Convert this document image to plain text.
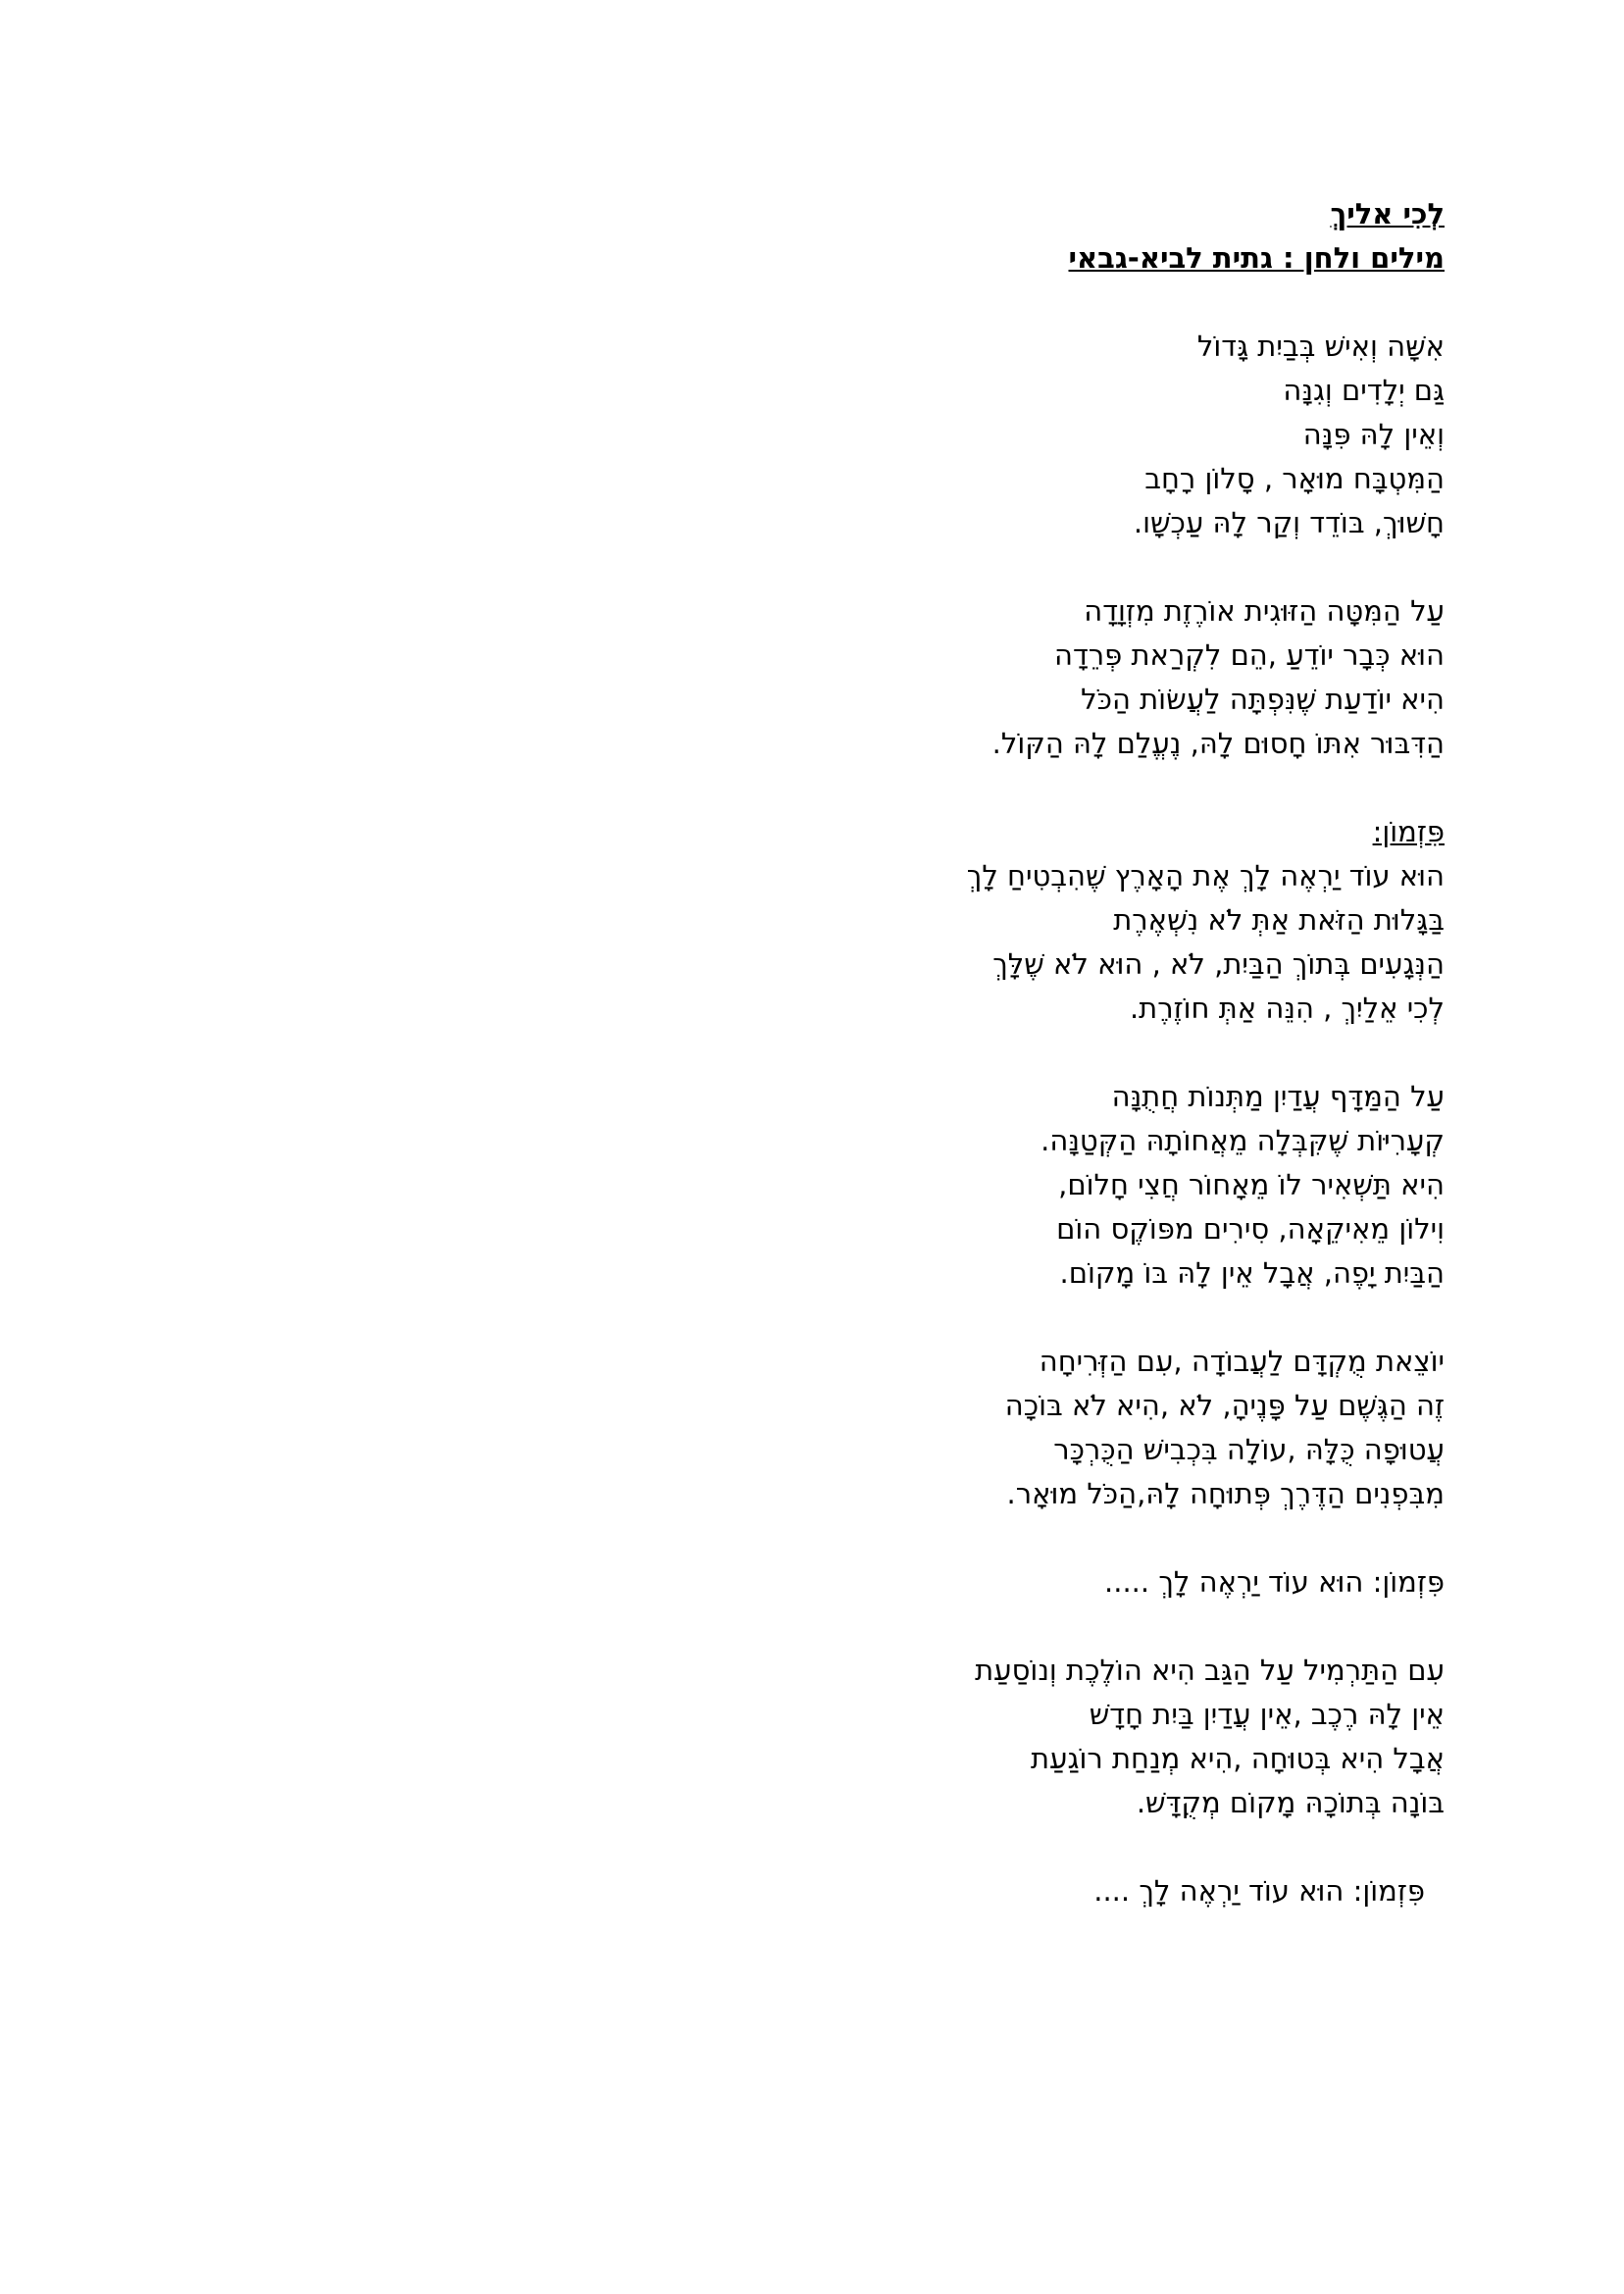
לְכִי אליךְ
מילים ולחן : גתית לביא-גבאי
אִשָּׁה וְאִישׁ בְּבַיִת גָּדוֹל
גַּם יְלָדִים וְגִנָּה
וְאֵין לָהּ פִּנָּה
הַמִּטְבָּח מוּאָר , סָלוֹן רָחָב
חָשׁוּךְ, בּוֹדֵד וְקַר לָהּ עַכְשָׁו.
עַל הַמִּטָּה הַזּוּגִית אוֹרֶזֶת מִזְוָדָה
הוּא כְּבָר יוֹדֵעַ ,הֵם לִקְרַאת פְּרֵדָה
הִיא יוֹדַעַת שֶׁנִּפְתָּה לַעֲשׂוֹת הַכֹּל
הַדִּבּוּר אִתּוֹ חָסוּם לָהּ, נֶעֱלַם לָהּ הַקּוֹל.
פִּזְמוֹן:
הוּא עוֹד יַרְאֶה לָךְ אֶת הָאָרֶץ שֶׁהִבְטִיחַ לָךְ
בַּגָּלוּת הַזֹּאת אַתְּ לֹא נִשְׁאֶרֶת
הַנְּגָעִים בְּתוֹךְ הַבַּיִת, לֹא , הוּא לֹא שֶׁלָּךְ
לְכִי אֵלַיִךְ , הִנֵּה אַתְּ חוֹזֶרֶת.
עַל הַמַּדָּף עֲדַיִן מַתְּנוֹת חֲתֻנָּה
קְעָרִיּוֹת שֶׁקִּבְּלָה מֵאֲחוֹתָהּ הַקְּטַנָּה.
הִיא תַּשְׁאִיר לוֹ מֵאָחוֹר חֲצִי חָלוֹם,
וִילוֹן מֵאִיקֵאָה, סִירִים מפּוֹקֶס הוֹם
הַבַּיִת יָפֶה, אֲבָל אֵין לָהּ בּוֹ מָקוֹם.
יוֹצֵאת מֻקְדָּם לַעֲבוֹדָה ,עִם הַזְּרִיחָה
זֶה הַגֶּשֶׁם עַל פָּנֶיהָ, לֹא ,הִיא לֹא בּוֹכָה
עֲטוּפָה כֻּלָּהּ ,עוֹלָה בִּכְבִישׁ הַכֻּרְכָּר
מִבִּפְנִים הַדֶּרֶךְ פְּתוּחָה לָהּ,הַכֹּל מוּאָר.
פִּזְמוֹן: הוּא עוֹד יַרְאֶה לָךְ .....
עִם הַתַּרְמִיל עַל הַגַּב הִיא הוֹלֶכֶת וְנוֹסַעַת
אֵין לָהּ רֶכֶב ,אֵין עֲדַיִן בַּיִת חָדָשׁ
אֲבָל הִיא בְּטוּחָה ,הִיא מְנַחַת רוֹגַעַת
בּוֹנָה בְּתוֹכָהּ מָקוֹם מְקֻדָּשׁ.
פִּזְמוֹן: הוּא עוֹד יַרְאֶה לָךְ ....
